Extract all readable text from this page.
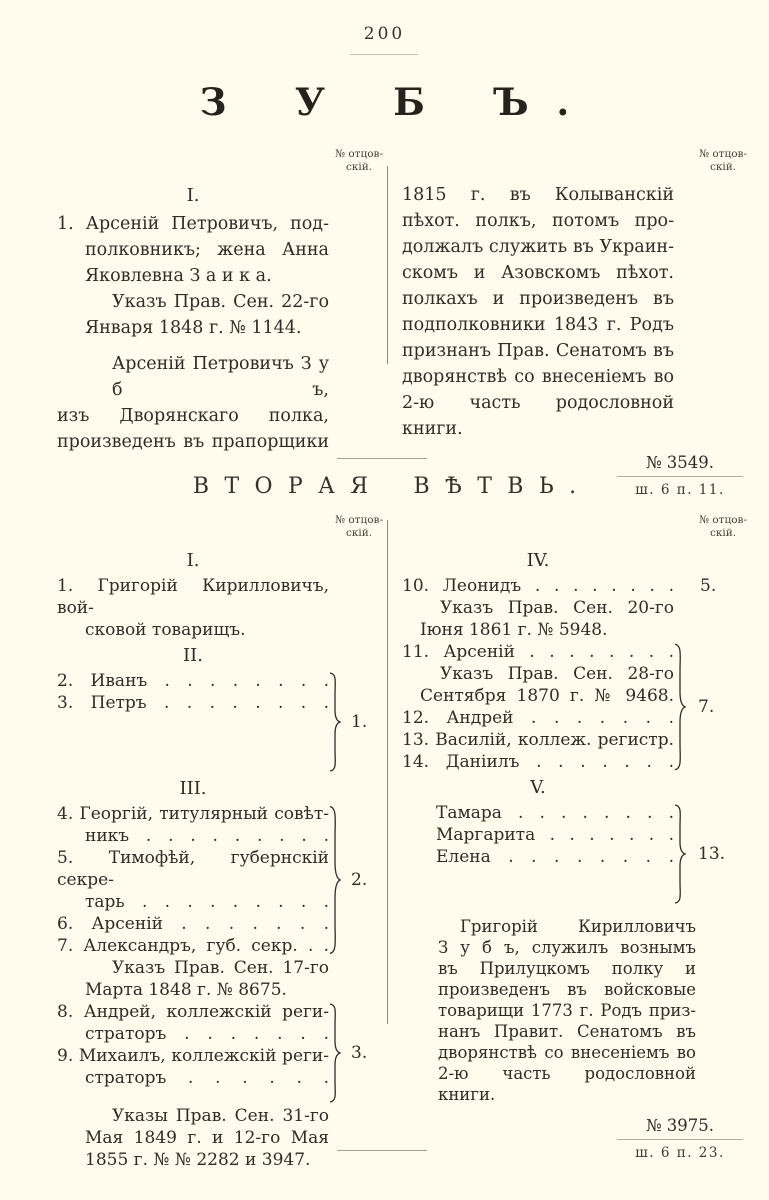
200
З У Б Ъ.
№ отцов-
скій.
I.
1. Арсеній Петровичъ, под-
полковникъ; жена Анна
Яковлевна З а и к а.
Указъ Прав. Сен. 22-го
Января 1848 г. № 1144.
Арсеній Петровичъ З у б ъ,
изъ Дворянскаго полка,
произведенъ въ прапорщики
№ отцов-
скій.
1815 г. въ Колыванскій
пѣхот. полкъ, потомъ про-
должалъ служить въ Украин-
скомъ и Азовскомъ пѣхот.
полкахъ и произведенъ въ
подполковники 1843 г. Родъ
признанъ Прав. Сенатомъ въ
дворянствѣ со внесеніемъ во
2-ю часть родословной книги.
№ 3549.
ш. 6 п. 11.
ВТОРАЯ ВѢТВЬ.
№ отцов-
скій.
I.
1. Григорій Кирилловичъ, вой-
сковой товарищъ.
II.
2. Иванъ . . . . . . . .
3. Петръ . . . . . . . .
1.
III.
4. Георгій, титулярный совѣт-
никъ . . . . . . . . .
5. Тимофѣй, губернскій секре-
тарь . . . . . . . . .
6. Арсеній . . . . . . .
7. Александръ, губ. секр. . .
2.
Указъ Прав. Сен. 17-го
Марта 1848 г. № 8675.
8. Андрей, коллежскій реги-
страторъ . . . . . . .
9. Михаилъ, коллежскій реги-
страторъ . . . . . .
3.
Указы Прав. Сен. 31-го
Мая 1849 г. и 12-го Мая
1855 г. № № 2282 и 3947.
№ отцов-
скій.
IV.
10. Леонидъ . . . . . . . .	5.
Указъ Прав. Сен. 20-го
Іюня 1861 г. № 5948.
11. Арсеній . . . . . . . .
Указъ Прав. Сен. 28-го
Сентября 1870 г. № 9468.
12. Андрей . . . . . . .
13. Василій, коллеж. регистр.
14. Даніилъ . . . . . . .
7.
V.
Тамара . . . . . . . .
Маргарита . . . . . . .
Елена . . . . . . . .	13.
Григорій Кирилловичъ
З у б ъ, служилъ вознымъ
въ Прилуцкомъ полку и
произведенъ въ войсковые
товарищи 1773 г. Родъ приз-
нанъ Правит. Сенатомъ въ
дворянствѣ со внесеніемъ во
2-ю часть родословной книги.
№ 3975.
ш. 6 п. 23.
